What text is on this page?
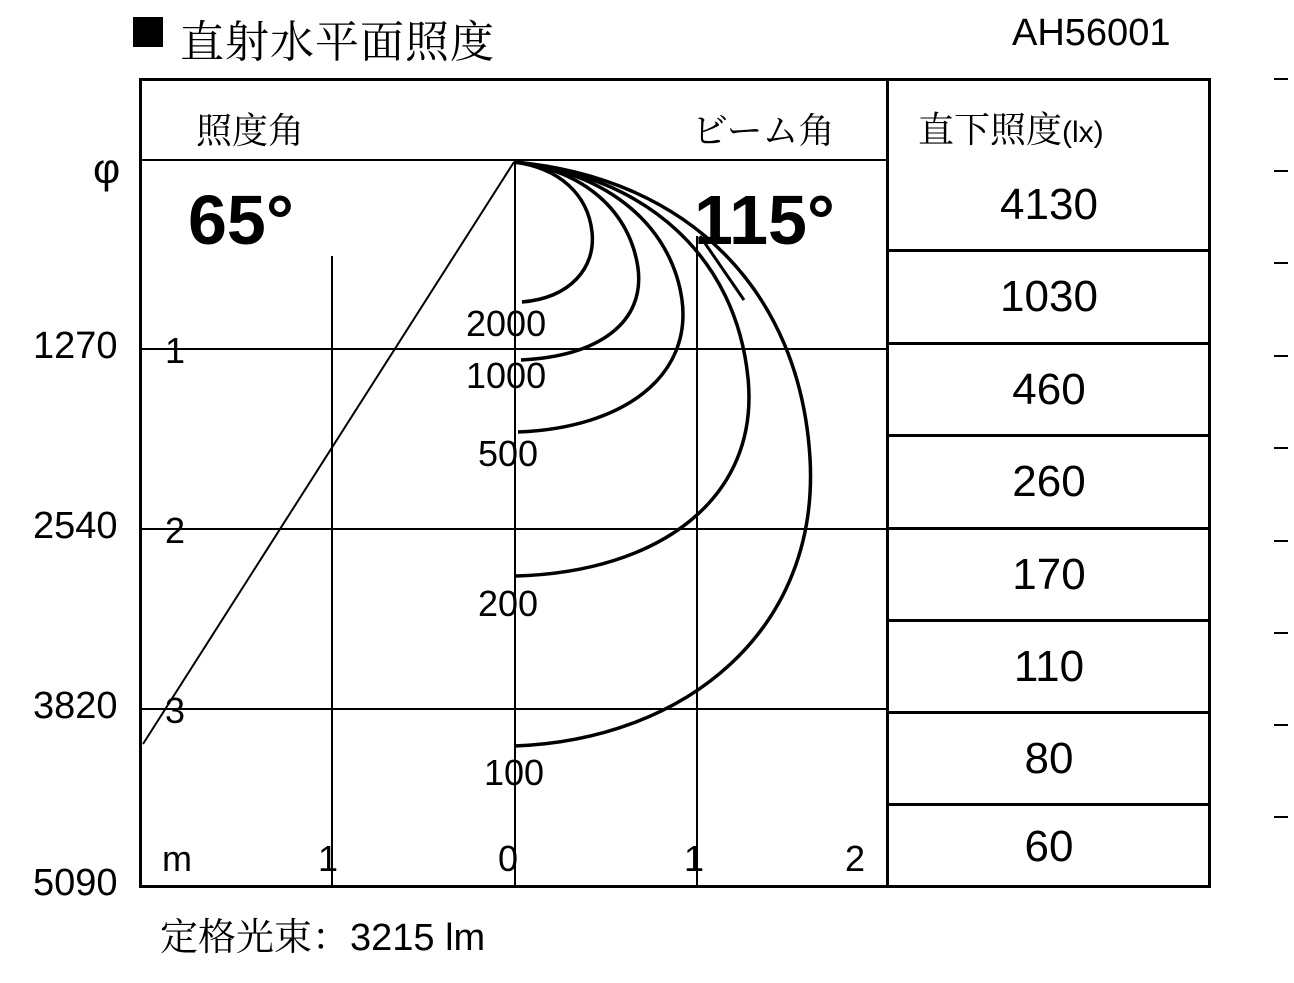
直射水平面照度	AH56001
照度角	ビーム角 直下照度(lx)
φ
1270
2540
3820
5090
1
2
3
m	1	0	1	2
65°	115°
2000
1000
500
200
100
4130
1030
460
260
170
110
80
60
定格光束：3215 lm
